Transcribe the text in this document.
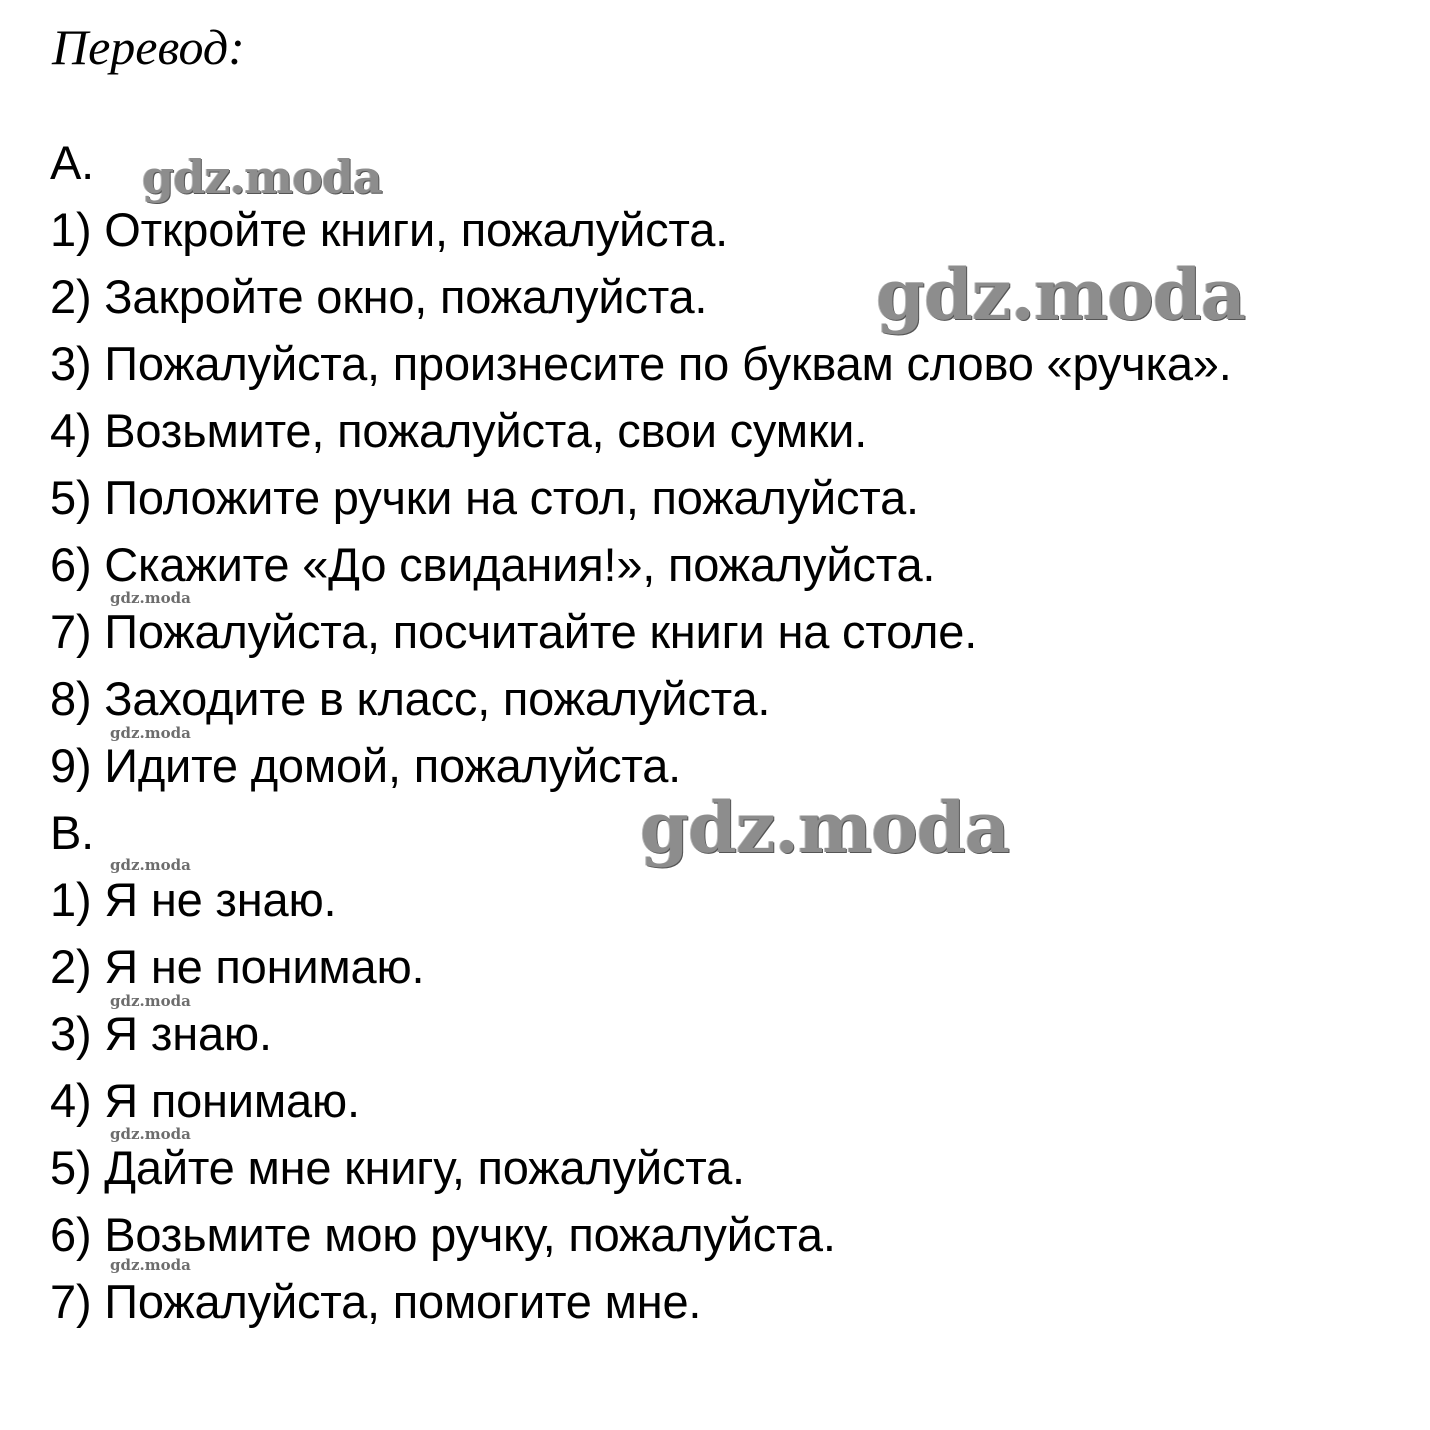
Перевод:
A.
1) Откройте книги, пожалуйста.
2) Закройте окно, пожалуйста.
3) Пожалуйста, произнесите по буквам слово «ручка».
4) Возьмите, пожалуйста, свои сумки.
5) Положите ручки на стол, пожалуйста.
6) Скажите «До свидания!», пожалуйста.
7) Пожалуйста, посчитайте книги на столе.
8) Заходите в класс, пожалуйста.
9) Идите домой, пожалуйста.
B.
1) Я не знаю.
2) Я не понимаю.
3) Я знаю.
4) Я понимаю.
5) Дайте мне книгу, пожалуйста.
6) Возьмите мою ручку, пожалуйста.
7) Пожалуйста, помогите мне.
gdz.moda
gdz.moda
gdz.moda
gdz.moda
gdz.moda
gdz.moda
gdz.moda
gdz.moda
gdz.moda
